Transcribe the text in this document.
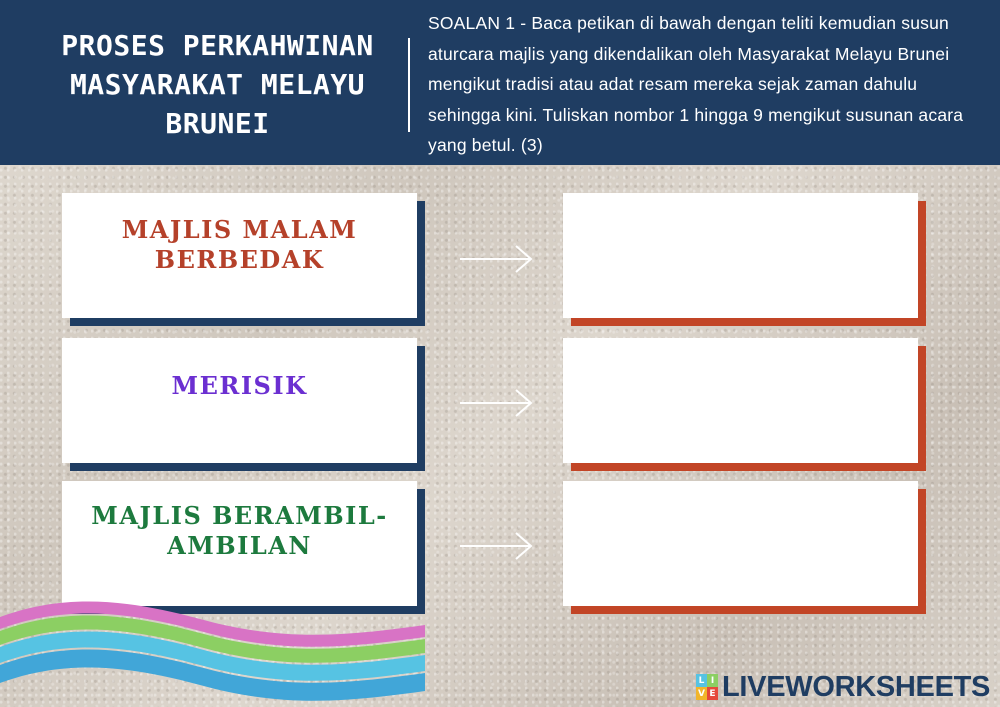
PROSES PERKAHWINAN MASYARAKAT MELAYU BRUNEI
SOALAN 1 - Baca petikan di bawah dengan teliti kemudian susun aturcara majlis yang dikendalikan oleh Masyarakat Melayu Brunei mengikut tradisi atau adat resam mereka sejak zaman dahulu sehingga kini. Tuliskan nombor 1 hingga 9 mengikut susunan acara yang betul. (3)
MAJLIS MALAM BERBEDAK
MERISIK
MAJLIS BERAMBIL-AMBILAN
L I
V E LIVEWORKSHEETS
